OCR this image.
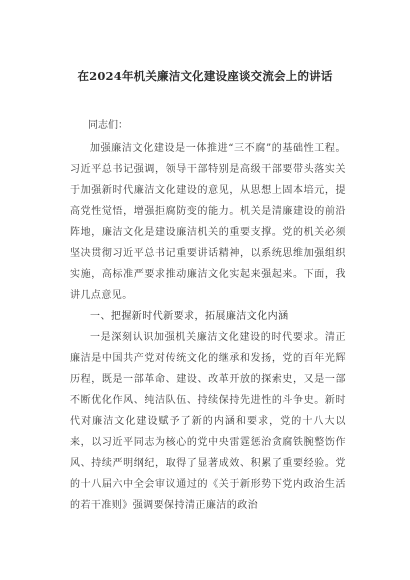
在2024年机关廉洁文化建设座谈交流会上的讲话
同志们：

加强廉洁文化建设是一体推进“三不腐”的基础性工程。习近平总书记强调，领导干部特别是高级干部要带头落实关于加强新时代廉洁文化建设的意见，从思想上固本培元，提高党性觉悟，增强拒腐防变的能力。机关是清廉建设的前沿阵地，廉洁文化是建设廉洁机关的重要支撑。党的机关必须坚决贯彻习近平总书记重要讲话精神，以系统思维加强组织实施，高标准严要求推动廉洁文化实起来强起来。下面，我讲几点意见。

一、把握新时代新要求，拓展廉洁文化内涵

一是深刻认识加强机关廉洁文化建设的时代要求。清正廉洁是中国共产党对传统文化的继承和发扬，党的百年光辉历程，既是一部革命、建设、改革开放的探索史，又是一部不断优化作风、纯洁队伍、持续保持先进性的斗争史。新时代对廉洁文化建设赋予了新的内涵和要求，党的十八大以来，以习近平同志为核心的党中央雷霆惩治贪腐铁腕整饬作风、持续严明纲纪，取得了显著成效、积累了重要经验。党的十八届六中全会审议通过的《关于新形势下党内政治生活的若干准则》强调要保持清正廉洁的政治
